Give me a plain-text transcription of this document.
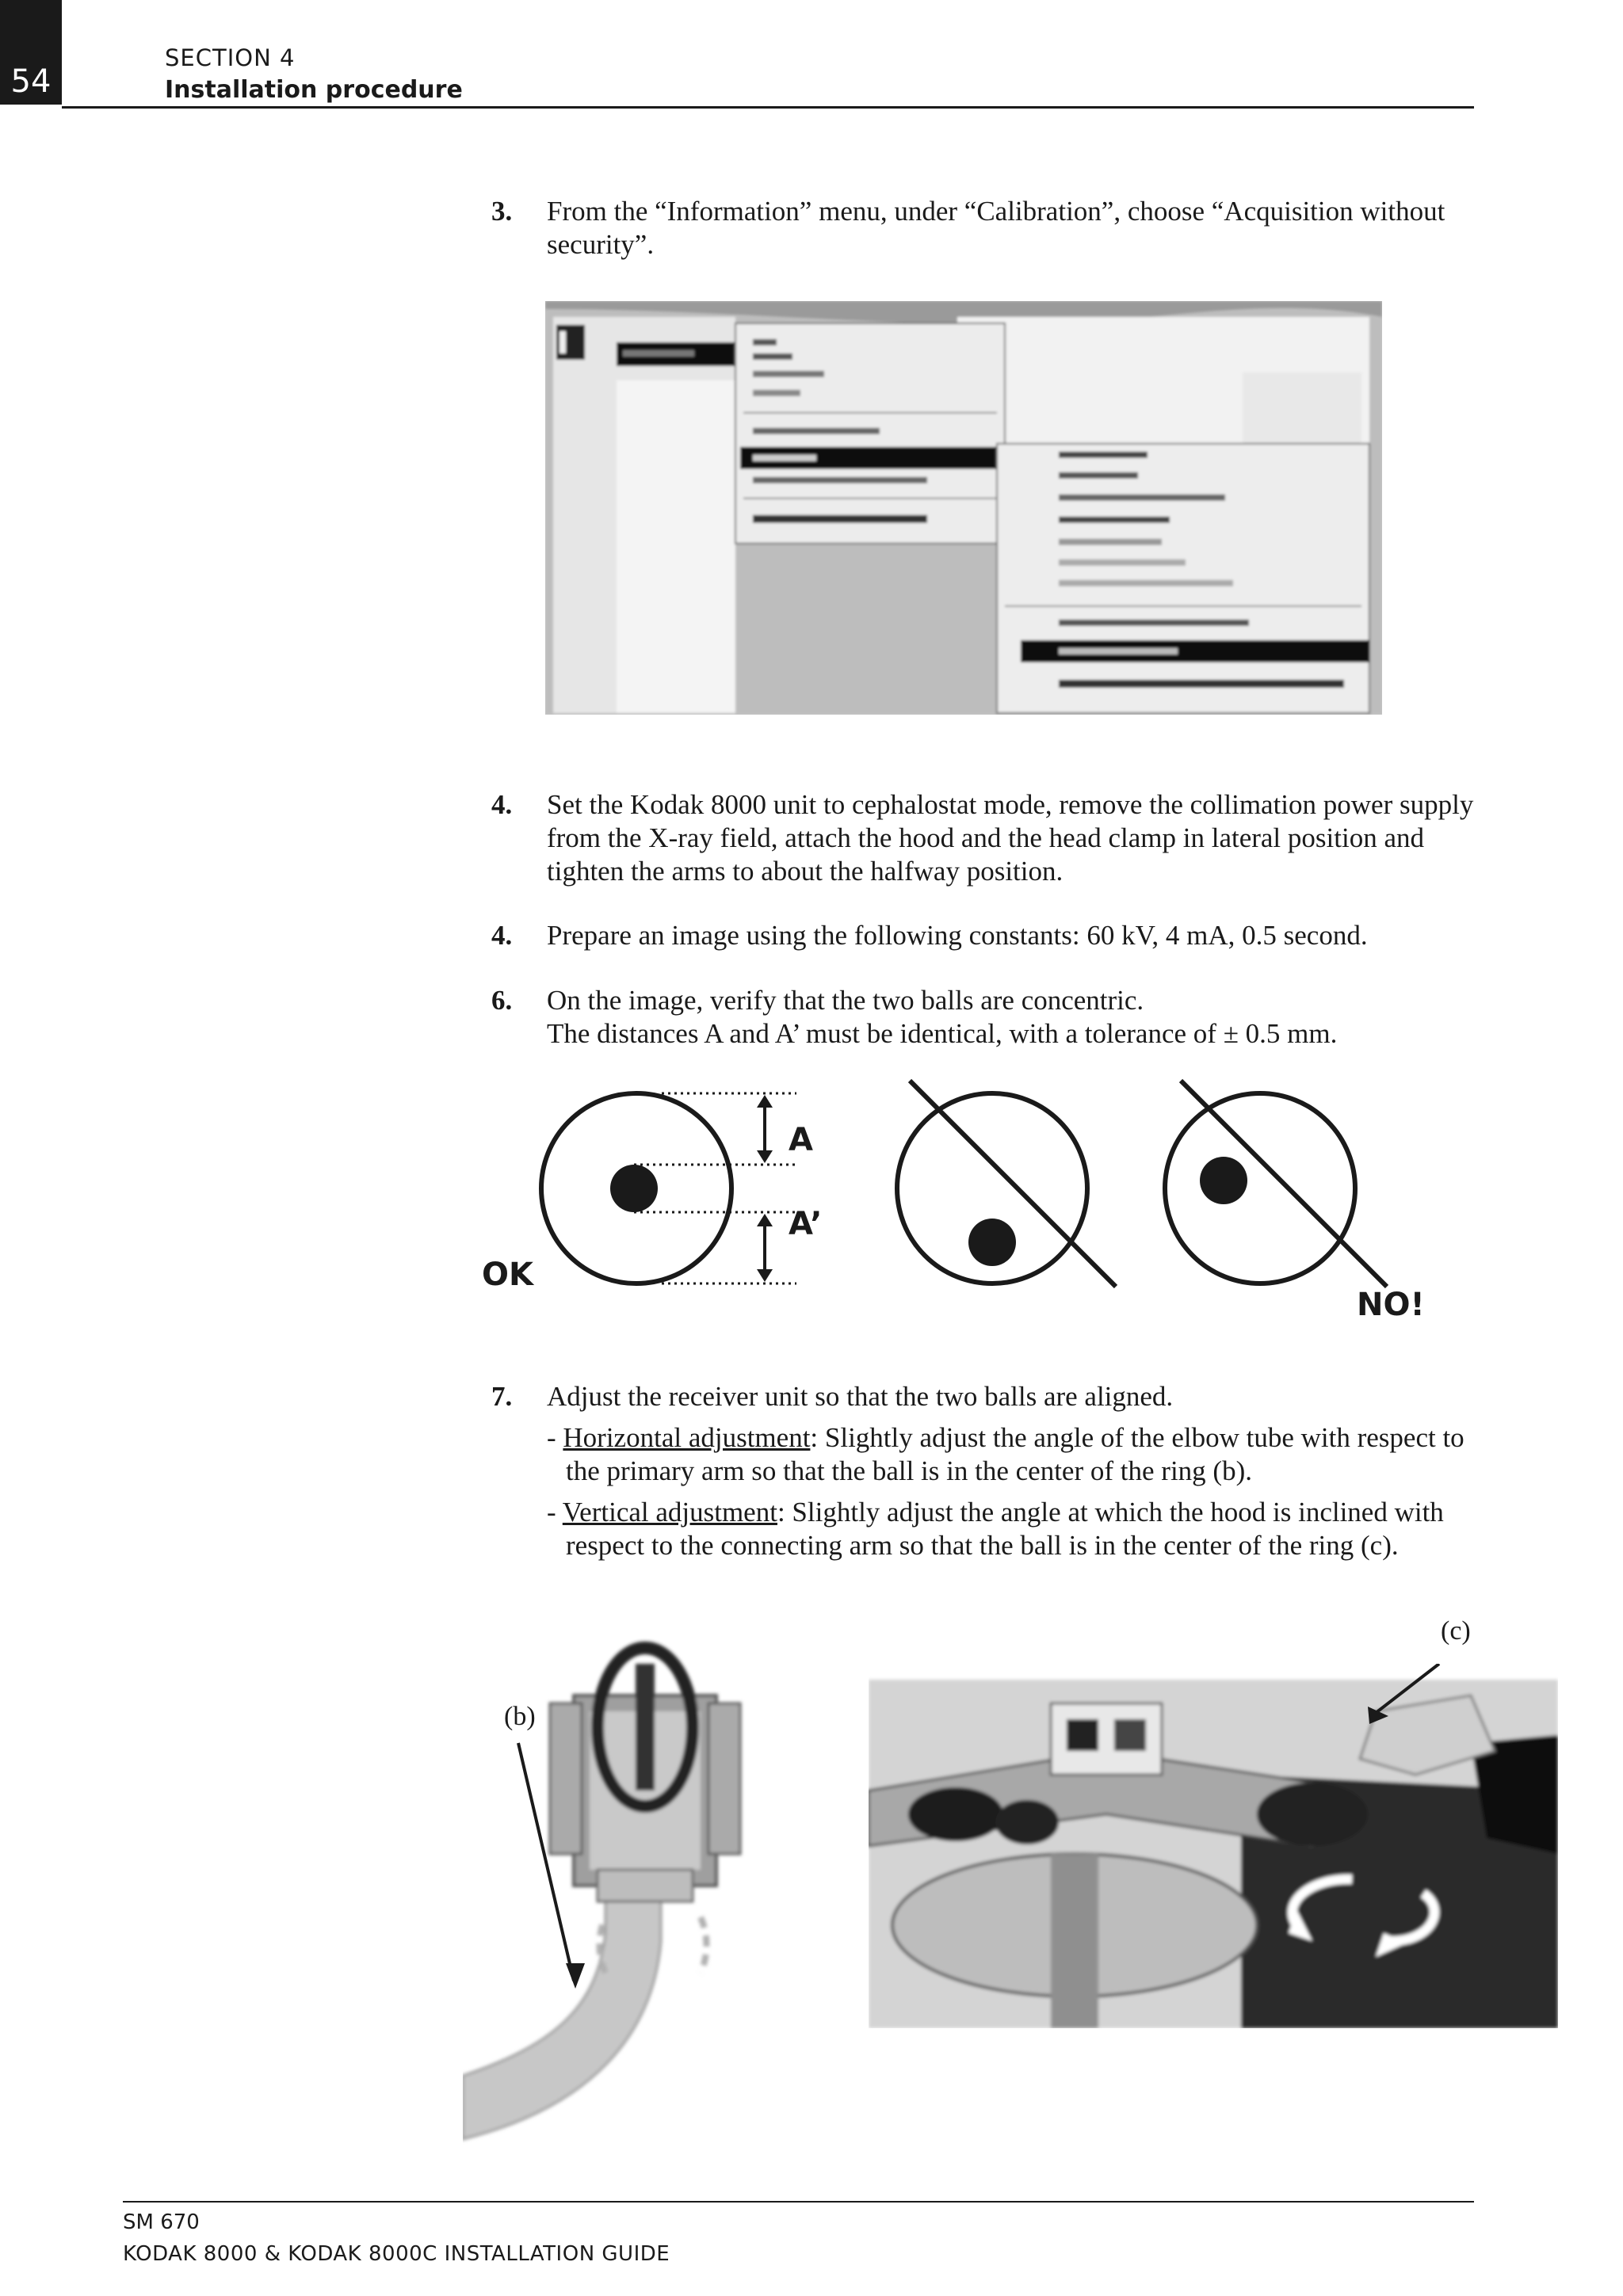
54
SECTION 4
Installation procedure
3. From the “Information” menu, under “Calibration”, choose “Acquisition without security”.
4. Set the Kodak 8000 unit to cephalostat mode, remove the collimation power supply from the X-ray field, attach the hood and the head clamp in lateral position and tighten the arms to about the halfway position.
4. Prepare an image using the following constants: 60 kV, 4 mA, 0.5 second.
6. On the image, verify that the two balls are concentric.
The distances A and A’ must be identical, with a tolerance of ± 0.5 mm.
A
A’
OK
NO!
7. Adjust the receiver unit so that the two balls are aligned.
- Horizontal adjustment: Slightly adjust the angle of the elbow tube with respect to the primary arm so that the ball is in the center of the ring (b).
- Vertical adjustment: Slightly adjust the angle at which the hood is inclined with respect to the connecting arm so that the ball is in the center of the ring (c).
(b)
(c)
SM 670
KODAK 8000 & KODAK 8000C INSTALLATION GUIDE
